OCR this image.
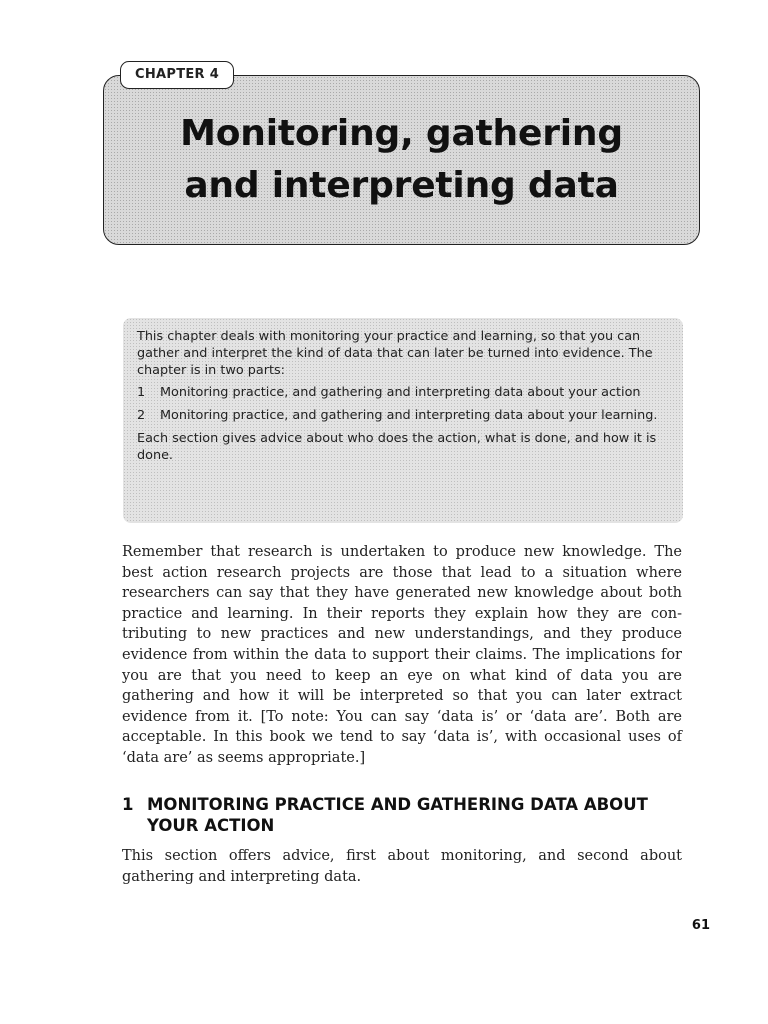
CHAPTER 4
Monitoring, gathering
and interpreting data

This chapter deals with monitoring your practice and learning, so that you can gather and interpret the kind of data that can later be turned into evidence. The chapter is in two parts:

1	Monitoring practice, and gathering and interpreting data about your action
2	Monitoring practice, and gathering and interpreting data about your learning.

Each section gives advice about who does the action, what is done, and how it is done.

Remember that research is undertaken to produce new knowledge. The best action research projects are those that lead to a situation where researchers can say that they have generated new knowledge about both practice and learning. In their reports they explain how they are contributing to new practices and new understandings, and they produce evidence from within the data to support their claims. The implications for you are that you need to keep an eye on what kind of data you are gathering and how it will be interpreted so that you can later extract evidence from it. [To note: You can say ‘data is’ or ‘data are’. Both are acceptable. In this book we tend to say ‘data is’, with occasional uses of ‘data are’ as seems appropriate.]

1 MONITORING PRACTICE AND GATHERING DATA ABOUT YOUR ACTION

This section offers advice, first about monitoring, and second about gathering and interpreting data.

61
